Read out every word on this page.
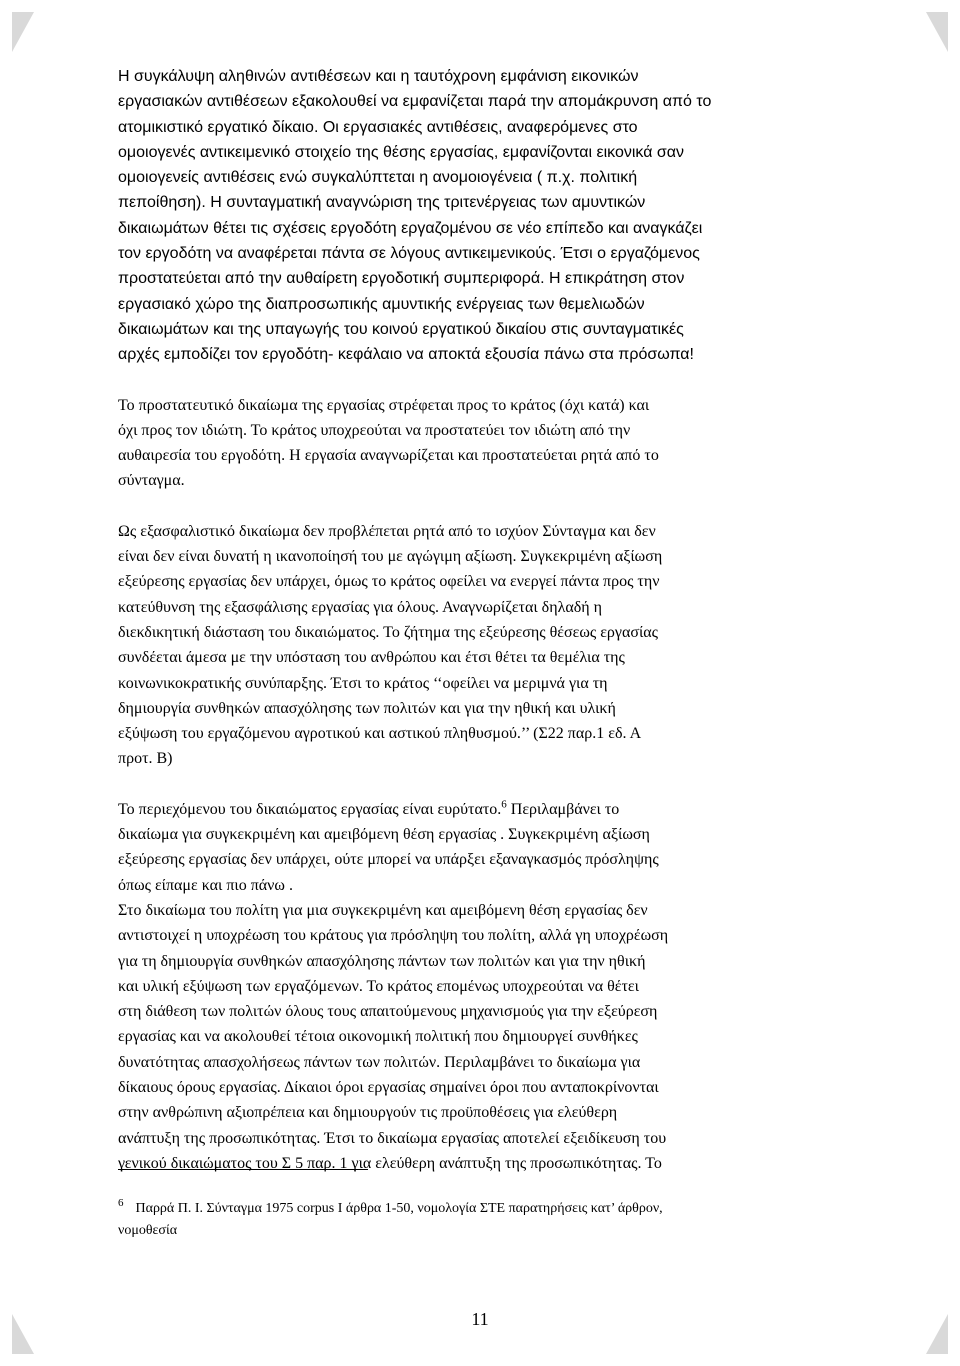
Η συγκάλυψη αληθινών αντιθέσεων και η ταυτόχρονη εμφάνιση εικονικών
εργασιακών αντιθέσεων εξακολουθεί να εμφανίζεται παρά την απομάκρυνση από το
ατομικιστικό εργατικό δίκαιο. Οι εργασιακές αντιθέσεις, αναφερόμενες στο
ομοιογενές αντικειμενικό στοιχείο της θέσης εργασίας, εμφανίζονται εικονικά σαν
ομοιογενείς αντιθέσεις ενώ συγκαλύπτεται η ανομοιογένεια ( π.χ. πολιτική
πεποίθηση). Η συνταγματική αναγνώριση της τριτενέργειας των αμυντικών
δικαιωμάτων θέτει τις σχέσεις εργοδότη εργαζομένου σε νέο επίπεδο και αναγκάζει
τον εργοδότη να αναφέρεται πάντα σε λόγους αντικειμενικούς. Έτσι ο εργαζόμενος
προστατεύεται από την αυθαίρετη εργοδοτική συμπεριφορά. Η επικράτηση στον
εργασιακό χώρο της διαπροσωπικής αμυντικής ενέργειας των θεμελιωδών
δικαιωμάτων και της υπαγωγής του κοινού εργατικού δικαίου στις συνταγματικές
αρχές εμποδίζει τον εργοδότη- κεφάλαιο να αποκτά εξουσία πάνω στα πρόσωπα!

Το προστατευτικό δικαίωμα της εργασίας στρέφεται προς το κράτος (όχι κατά) και
όχι προς τον ιδιώτη. Το κράτος υποχρεούται να προστατεύει τον ιδιώτη από την
αυθαιρεσία του εργοδότη. Η εργασία αναγνωρίζεται και προστατεύεται ρητά από το
σύνταγμα.

Ως εξασφαλιστικό δικαίωμα δεν προβλέπεται ρητά από το ισχύον Σύνταγμα και δεν
είναι δεν είναι δυνατή η ικανοποίησή του με αγώγιμη αξίωση. Συγκεκριμένη αξίωση
εξεύρεσης εργασίας δεν υπάρχει, όμως το κράτος οφείλει να ενεργεί πάντα προς την
κατεύθυνση της εξασφάλισης εργασίας για όλους. Αναγνωρίζεται δηλαδή η
διεκδικητική διάσταση του δικαιώματος. Το ζήτημα της εξεύρεσης θέσεως εργασίας
συνδέεται άμεσα με την υπόσταση του ανθρώπου και έτσι θέτει τα θεμέλια της
κοινωνικοκρατικής συνύπαρξης. Έτσι το κράτος ‘‘οφείλει να μεριμνά για τη
δημιουργία συνθηκών απασχόλησης των πολιτών και για την ηθική και υλική
εξύψωση του εργαζόμενου αγροτικού και αστικού πληθυσμού.’’ (Σ22 παρ.1 εδ. Α
προτ. Β)

Το περιεχόμενου του δικαιώματος εργασίας είναι ευρύτατο.$^6$ Περιλαμβάνει το
δικαίωμα για συγκεκριμένη και αμειβόμενη θέση εργασίας . Συγκεκριμένη αξίωση
εξεύρεσης εργασίας δεν υπάρχει, ούτε μπορεί να υπάρξει εξαναγκασμός πρόσληψης
όπως είπαμε και πιο πάνω .

Στο δικαίωμα του πολίτη για μια συγκεκριμένη και αμειβόμενη θέση εργασίας δεν
αντιστοιχεί η υποχρέωση του κράτους για πρόσληψη του πολίτη, αλλά γη υποχρέωση
για τη δημιουργία συνθηκών απασχόλησης πάντων των πολιτών και για την ηθική
και υλική εξύψωση των εργαζόμενων. Το κράτος επομένως υποχρεούται να θέτει
στη διάθεση των πολιτών όλους τους απαιτούμενους μηχανισμούς για την εξεύρεση
εργασίας και να ακολουθεί τέτοια οικονομική πολιτική που δημιουργεί συνθήκες
δυνατότητας απασχολήσεως πάντων των πολιτών. Περιλαμβάνει το δικαίωμα για
δίκαιους όρους εργασίας. Δίκαιοι όροι εργασίας σημαίνει όροι που ανταποκρίνονται
στην ανθρώπινη αξιοπρέπεια και δημιουργούν τις προϋποθέσεις για ελεύθερη
ανάπτυξη της προσωπικότητας. Έτσι το δικαίωμα εργασίας αποτελεί εξειδίκευση του
γενικού δικαιώματος του Σ 5 παρ. 1 για ελεύθερη ανάπτυξη της προσωπικότητας. Το

$^6$ Παρρά Π. Ι. Σύνταγμα 1975 corpus I άρθρα 1-50, νομολογία ΣΤΕ παρατηρήσεις κατ’ άρθρον,
νομοθεσία
11
